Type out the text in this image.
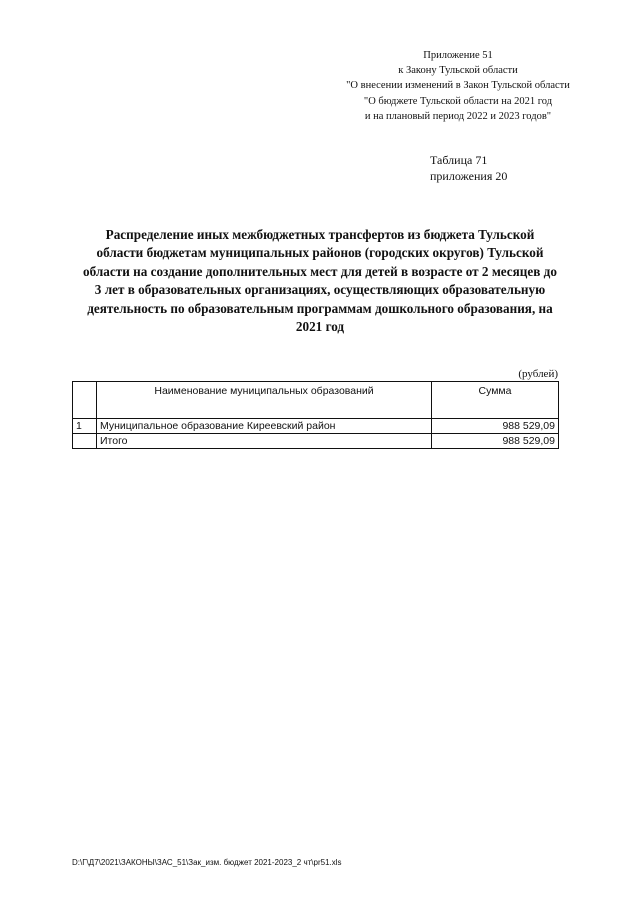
Приложение 51
к Закону Тульской области
"О внесении изменений в Закон Тульской области
"О бюджете Тульской области на 2021 год
и на плановый период 2022 и 2023 годов"
Таблица 71
приложения 20
Распределение иных межбюджетных трансфертов из бюджета Тульской
области бюджетам муниципальных районов (городских округов) Тульской
области на создание дополнительных мест для детей в возрасте от 2 месяцев до
3 лет в образовательных организациях, осуществляющих образовательную
деятельность по образовательным программам дошкольного образования, на
2021 год
(рублей)
	Наименование муниципальных образований	Сумма
1	Муниципальное образование Киреевский район	988 529,09
	Итого	988 529,09
D:\Г\Д7\2021\ЗАКОНЫ\ЗАС_51\Зак_изм. бюджет 2021-2023_2 чт\pr51.xls
